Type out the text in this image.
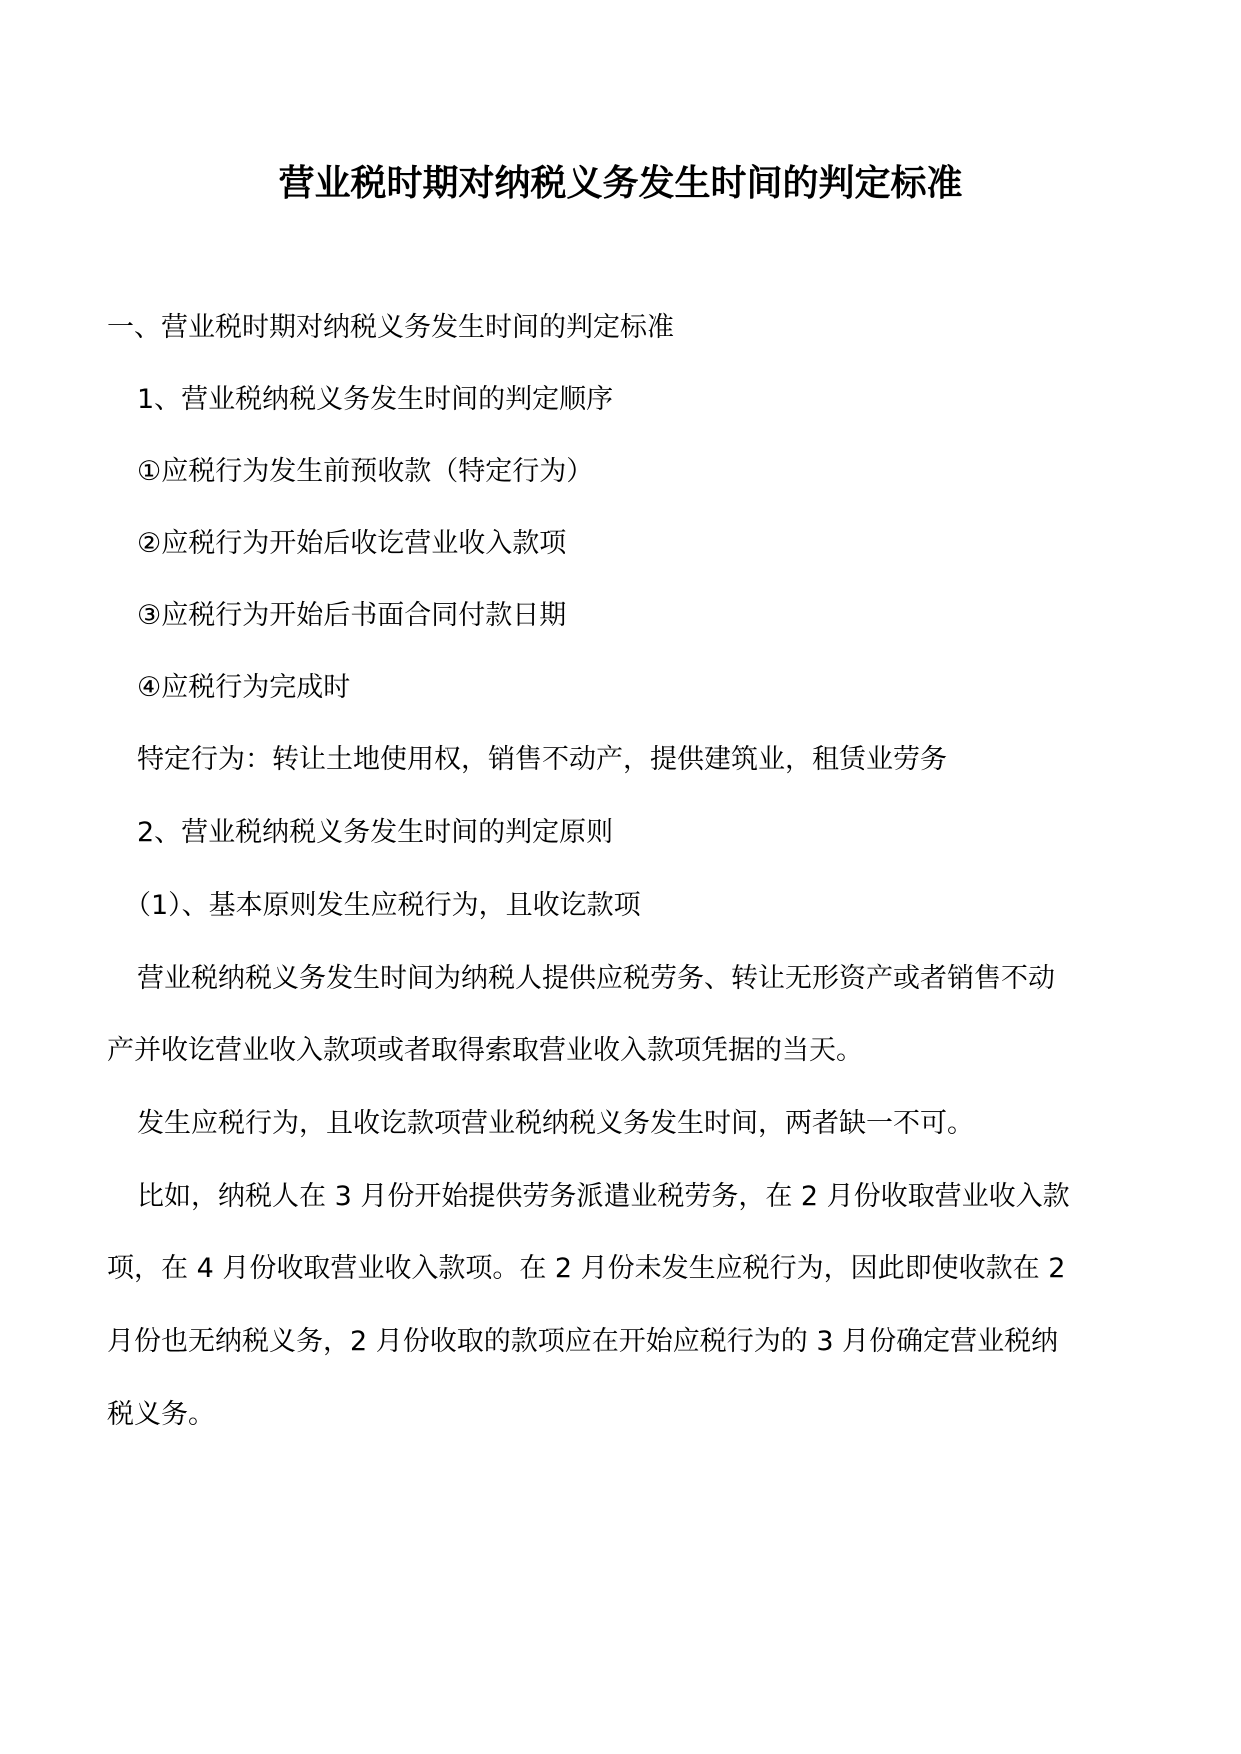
营业税时期对纳税义务发生时间的判定标准

一、营业税时期对纳税义务发生时间的判定标准

1、营业税纳税义务发生时间的判定顺序

①应税行为发生前预收款（特定行为）

②应税行为开始后收讫营业收入款项

③应税行为开始后书面合同付款日期

④应税行为完成时

特定行为：转让土地使用权，销售不动产，提供建筑业，租赁业劳务

2、营业税纳税义务发生时间的判定原则

（1）、基本原则发生应税行为，且收讫款项

营业税纳税义务发生时间为纳税人提供应税劳务、转让无形资产或者销售不动

产并收讫营业收入款项或者取得索取营业收入款项凭据的当天。

发生应税行为，且收讫款项营业税纳税义务发生时间，两者缺一不可。

比如，纳税人在 3 月份开始提供劳务派遣业税劳务，在 2 月份收取营业收入款

项，在 4 月份收取营业收入款项。在 2 月份未发生应税行为，因此即使收款在 2

月份也无纳税义务，2 月份收取的款项应在开始应税行为的 3 月份确定营业税纳

税义务。
